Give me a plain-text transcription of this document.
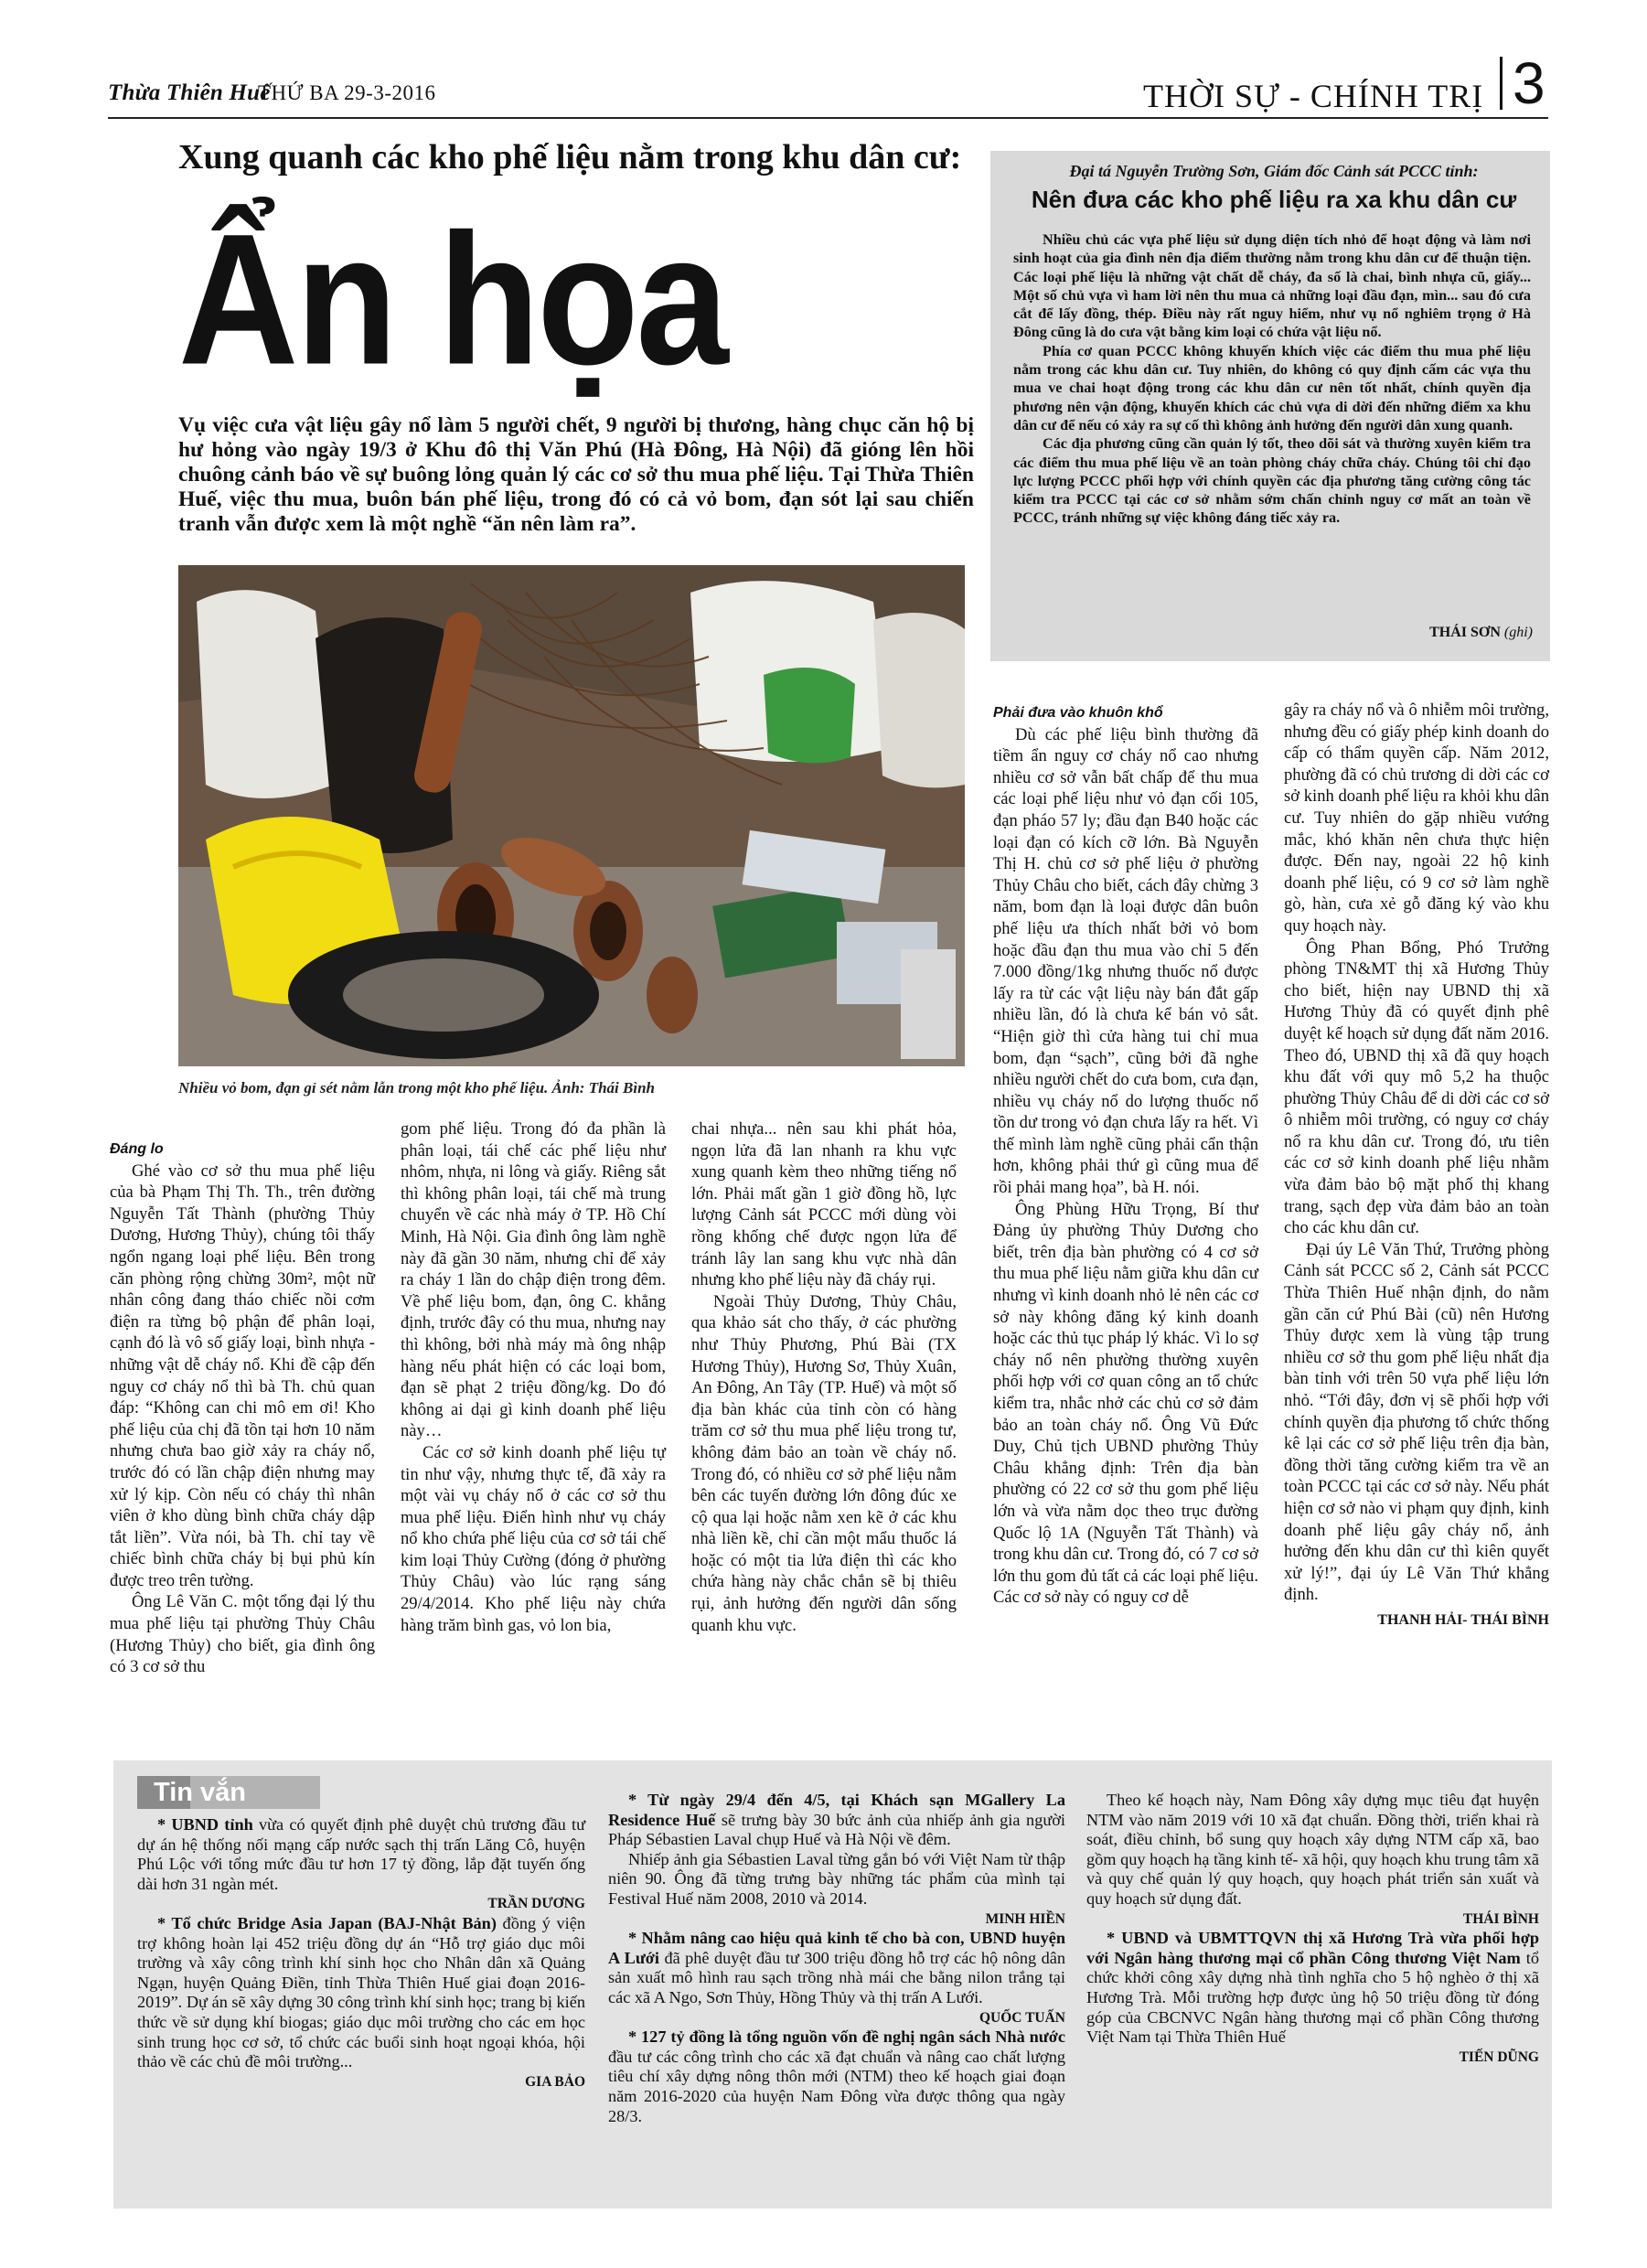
Thừa Thiên Huế
THỨ BA 29-3-2016	THỜI SỰ - CHÍNH TRỊ 3
Xung quanh các kho phế liệu nằm trong khu dân cư:
Ẩn họa
Vụ việc cưa vật liệu gây nổ làm 5 người chết, 9 người bị thương, hàng chục căn hộ bị hư hỏng vào ngày 19/3 ở Khu đô thị Văn Phú (Hà Đông, Hà Nội) đã gióng lên hồi chuông cảnh báo về sự buông lỏng quản lý các cơ sở thu mua phế liệu. Tại Thừa Thiên Huế, việc thu mua, buôn bán phế liệu, trong đó có cả vỏ bom, đạn sót lại sau chiến tranh vẫn được xem là một nghề “ăn nên làm ra”.
Nhiều vỏ bom, đạn gỉ sét nằm lẫn trong một kho phế liệu. Ảnh: Thái Bình
Đại tá Nguyễn Trường Sơn, Giám đốc Cảnh sát PCCC tỉnh:
Nên đưa các kho phế liệu ra xa khu dân cư

Nhiều chủ các vựa phế liệu sử dụng diện tích nhỏ để hoạt động và làm nơi sinh hoạt của gia đình nên địa điểm thường nằm trong khu dân cư để thuận tiện. Các loại phế liệu là những vật chất dễ cháy, đa số là chai, bình nhựa cũ, giấy... Một số chủ vựa vì ham lời nên thu mua cả những loại đầu đạn, mìn... sau đó cưa cắt để lấy đồng, thép. Điều này rất nguy hiểm, như vụ nổ nghiêm trọng ở Hà Đông cũng là do cưa vật bằng kim loại có chứa vật liệu nổ.

Phía cơ quan PCCC không khuyến khích việc các điểm thu mua phế liệu nằm trong các khu dân cư. Tuy nhiên, do không có quy định cấm các vựa thu mua ve chai hoạt động trong các khu dân cư nên tốt nhất, chính quyền địa phương nên vận động, khuyến khích các chủ vựa di dời đến những điểm xa khu dân cư để nếu có xảy ra sự cố thì không ảnh hưởng đến người dân xung quanh.

Các địa phương cũng cần quản lý tốt, theo dõi sát và thường xuyên kiểm tra các điểm thu mua phế liệu về an toàn phòng cháy chữa cháy. Chúng tôi chỉ đạo lực lượng PCCC phối hợp với chính quyền các địa phương tăng cường công tác kiểm tra PCCC tại các cơ sở nhằm sớm chấn chỉnh nguy cơ mất an toàn về PCCC, tránh những sự việc không đáng tiếc xảy ra.

THÁI SƠN (ghi)

Đáng lo

Ghé vào cơ sở thu mua phế liệu của bà Phạm Thị Th. Th., trên đường Nguyễn Tất Thành (phường Thủy Dương, Hương Thủy), chúng tôi thấy ngổn ngang loại phế liệu. Bên trong căn phòng rộng chừng 30m², một nữ nhân công đang tháo chiếc nồi cơm điện ra từng bộ phận để phân loại, cạnh đó là vô số giấy loại, bình nhựa - những vật dễ cháy nổ. Khi đề cập đến nguy cơ cháy nổ thì bà Th. chủ quan đáp: “Không can chi mô em ơi! Kho phế liệu của chị đã tồn tại hơn 10 năm nhưng chưa bao giờ xảy ra cháy nổ, trước đó có lần chập điện nhưng may xử lý kịp. Còn nếu có cháy thì nhân viên ở kho dùng bình chữa cháy dập tắt liền”. Vừa nói, bà Th. chỉ tay về chiếc bình chữa cháy bị bụi phủ kín được treo trên tường.

Ông Lê Văn C. một tổng đại lý thu mua phế liệu tại phường Thủy Châu (Hương Thủy) cho biết, gia đình ông có 3 cơ sở thu

gom phế liệu. Trong đó đa phần là phân loại, tái chế các phế liệu như nhôm, nhựa, ni lông và giấy. Riêng sắt thì không phân loại, tái chế mà trung chuyển về các nhà máy ở TP. Hồ Chí Minh, Hà Nội. Gia đình ông làm nghề này đã gần 30 năm, nhưng chỉ để xảy ra cháy 1 lần do chập điện trong đêm. Về phế liệu bom, đạn, ông C. khẳng định, trước đây có thu mua, nhưng nay thì không, bởi nhà máy mà ông nhập hàng nếu phát hiện có các loại bom, đạn sẽ phạt 2 triệu đồng/kg. Do đó không ai dại gì kinh doanh phế liệu này…

Các cơ sở kinh doanh phế liệu tự tin như vậy, nhưng thực tế, đã xảy ra một vài vụ cháy nổ ở các cơ sở thu mua phế liệu. Điển hình như vụ cháy nổ kho chứa phế liệu của cơ sở tái chế kim loại Thủy Cường (đóng ở phường Thủy Châu) vào lúc rạng sáng 29/4/2014. Kho phế liệu này chứa hàng trăm bình gas, vỏ lon bia,

chai nhựa... nên sau khi phát hỏa, ngọn lửa đã lan nhanh ra khu vực xung quanh kèm theo những tiếng nổ lớn. Phải mất gần 1 giờ đồng hồ, lực lượng Cảnh sát PCCC mới dùng vòi rồng khống chế được ngọn lửa để tránh lây lan sang khu vực nhà dân nhưng kho phế liệu này đã cháy rụi.

Ngoài Thủy Dương, Thủy Châu, qua khảo sát cho thấy, ở các phường như Thủy Phương, Phú Bài (TX Hương Thủy), Hương Sơ, Thủy Xuân, An Đông, An Tây (TP. Huế) và một số địa bàn khác của tỉnh còn có hàng trăm cơ sở thu mua phế liệu trong tư, không đảm bảo an toàn về cháy nổ. Trong đó, có nhiều cơ sở phế liệu nằm bên các tuyến đường lớn đông đúc xe cộ qua lại hoặc nằm xen kẽ ở các khu nhà liền kề, chỉ cần một mẩu thuốc lá hoặc có một tia lửa điện thì các kho chứa hàng này chắc chắn sẽ bị thiêu rụi, ảnh hưởng đến người dân sống quanh khu vực.

Phải đưa vào khuôn khổ

Dù các phế liệu bình thường đã tiềm ẩn nguy cơ cháy nổ cao nhưng nhiều cơ sở vẫn bất chấp để thu mua các loại phế liệu như vỏ đạn cối 105, đạn pháo 57 ly; đầu đạn B40 hoặc các loại đạn có kích cỡ lớn. Bà Nguyễn Thị H. chủ cơ sở phế liệu ở phường Thủy Châu cho biết, cách đây chừng 3 năm, bom đạn là loại được dân buôn phế liệu ưa thích nhất bởi vỏ bom hoặc đầu đạn thu mua vào chỉ 5 đến 7.000 đồng/1kg nhưng thuốc nổ được lấy ra từ các vật liệu này bán đắt gấp nhiều lần, đó là chưa kể bán vỏ sắt. “Hiện giờ thì cửa hàng tui chỉ mua bom, đạn “sạch”, cũng bởi đã nghe nhiều người chết do cưa bom, cưa đạn, nhiều vụ cháy nổ do lượng thuốc nổ tồn dư trong vỏ đạn chưa lấy ra hết. Vì thế mình làm nghề cũng phải cẩn thận hơn, không phải thứ gì cũng mua để rồi phải mang họa”, bà H. nói.

Ông Phùng Hữu Trọng, Bí thư Đảng ủy phường Thủy Dương cho biết, trên địa bàn phường có 4 cơ sở thu mua phế liệu nằm giữa khu dân cư nhưng vì kinh doanh nhỏ lẻ nên các cơ sở này không đăng ký kinh doanh hoặc các thủ tục pháp lý khác. Vì lo sợ cháy nổ nên phường thường xuyên phối hợp với cơ quan công an tổ chức kiểm tra, nhắc nhở các chủ cơ sở đảm bảo an toàn cháy nổ. Ông Vũ Đức Duy, Chủ tịch UBND phường Thủy Châu khẳng định: Trên địa bàn phường có 22 cơ sở thu gom phế liệu lớn và vừa nằm dọc theo trục đường Quốc lộ 1A (Nguyễn Tất Thành) và trong khu dân cư. Trong đó, có 7 cơ sở lớn thu gom đủ tất cả các loại phế liệu. Các cơ sở này có nguy cơ dễ

gây ra cháy nổ và ô nhiễm môi trường, nhưng đều có giấy phép kinh doanh do cấp có thẩm quyền cấp. Năm 2012, phường đã có chủ trương di dời các cơ sở kinh doanh phế liệu ra khỏi khu dân cư. Tuy nhiên do gặp nhiều vướng mắc, khó khăn nên chưa thực hiện được. Đến nay, ngoài 22 hộ kinh doanh phế liệu, có 9 cơ sở làm nghề gò, hàn, cưa xẻ gỗ đăng ký vào khu quy hoạch này.

Ông Phan Bổng, Phó Trưởng phòng TN&MT thị xã Hương Thủy cho biết, hiện nay UBND thị xã Hương Thủy đã có quyết định phê duyệt kế hoạch sử dụng đất năm 2016. Theo đó, UBND thị xã đã quy hoạch khu đất với quy mô 5,2 ha thuộc phường Thủy Châu để di dời các cơ sở ô nhiễm môi trường, có nguy cơ cháy nổ ra khu dân cư. Trong đó, ưu tiên các cơ sở kinh doanh phế liệu nhằm vừa đảm bảo bộ mặt phố thị khang trang, sạch đẹp vừa đảm bảo an toàn cho các khu dân cư.

Đại úy Lê Văn Thứ, Trưởng phòng Cảnh sát PCCC số 2, Cảnh sát PCCC Thừa Thiên Huế nhận định, do nằm gần căn cứ Phú Bài (cũ) nên Hương Thủy được xem là vùng tập trung nhiều cơ sở thu gom phế liệu nhất địa bàn tỉnh với trên 50 vựa phế liệu lớn nhỏ. “Tới đây, đơn vị sẽ phối hợp với chính quyền địa phương tổ chức thống kê lại các cơ sở phế liệu trên địa bàn, đồng thời tăng cường kiểm tra về an toàn PCCC tại các cơ sở này. Nếu phát hiện cơ sở nào vi phạm quy định, kinh doanh phế liệu gây cháy nổ, ảnh hưởng đến khu dân cư thì kiên quyết xử lý!”, đại úy Lê Văn Thứ khẳng định.

THANH HẢI- THÁI BÌNH

Tin vắn

* UBND tỉnh vừa có quyết định phê duyệt chủ trương đầu tư dự án hệ thống nối mạng cấp nước sạch thị trấn Lăng Cô, huyện Phú Lộc với tổng mức đầu tư hơn 17 tỷ đồng, lắp đặt tuyến ống dài hơn 31 ngàn mét.

TRẦN DƯƠNG

* Tổ chức Bridge Asia Japan (BAJ-Nhật Bản) đồng ý viện trợ không hoàn lại 452 triệu đồng dự án “Hỗ trợ giáo dục môi trường và xây công trình khí sinh học cho Nhân dân xã Quảng Ngạn, huyện Quảng Điền, tỉnh Thừa Thiên Huế giai đoạn 2016-2019”. Dự án sẽ xây dựng 30 công trình khí sinh học; trang bị kiến thức về sử dụng khí biogas; giáo dục môi trường cho các em học sinh trung học cơ sở, tổ chức các buổi sinh hoạt ngoại khóa, hội thảo về các chủ đề môi trường...

GIA BẢO

* Từ ngày 29/4 đến 4/5, tại Khách sạn MGallery La Residence Huế sẽ trưng bày 30 bức ảnh của nhiếp ảnh gia người Pháp Sébastien Laval chụp Huế và Hà Nội về đêm.

Nhiếp ảnh gia Sébastien Laval từng gắn bó với Việt Nam từ thập niên 90. Ông đã từng trưng bày những tác phẩm của mình tại Festival Huế năm 2008, 2010 và 2014.

MINH HIỀN

* Nhằm nâng cao hiệu quả kinh tế cho bà con, UBND huyện A Lưới đã phê duyệt đầu tư 300 triệu đồng hỗ trợ các hộ nông dân sản xuất mô hình rau sạch trồng nhà mái che bằng nilon trắng tại các xã A Ngo, Sơn Thủy, Hồng Thủy và thị trấn A Lưới.

QUỐC TUẤN

* 127 tỷ đồng là tổng nguồn vốn đề nghị ngân sách Nhà nước đầu tư các công trình cho các xã đạt chuẩn và nâng cao chất lượng tiêu chí xây dựng nông thôn mới (NTM) theo kế hoạch giai đoạn năm 2016-2020 của huyện Nam Đông vừa được thông qua ngày 28/3.

Theo kế hoạch này, Nam Đông xây dựng mục tiêu đạt huyện NTM vào năm 2019 với 10 xã đạt chuẩn. Đồng thời, triển khai rà soát, điều chỉnh, bổ sung quy hoạch xây dựng NTM cấp xã, bao gồm quy hoạch hạ tầng kinh tế- xã hội, quy hoạch khu trung tâm xã và quy chế quản lý quy hoạch, quy hoạch phát triển sản xuất và quy hoạch sử dụng đất.

THÁI BÌNH

* UBND và UBMTTQVN thị xã Hương Trà vừa phối hợp với Ngân hàng thương mại cổ phần Công thương Việt Nam tổ chức khởi công xây dựng nhà tình nghĩa cho 5 hộ nghèo ở thị xã Hương Trà. Mỗi trường hợp được ủng hộ 50 triệu đồng từ đóng góp của CBCNVC Ngân hàng thương mại cổ phần Công thương Việt Nam tại Thừa Thiên Huế

TIẾN DŨNG
